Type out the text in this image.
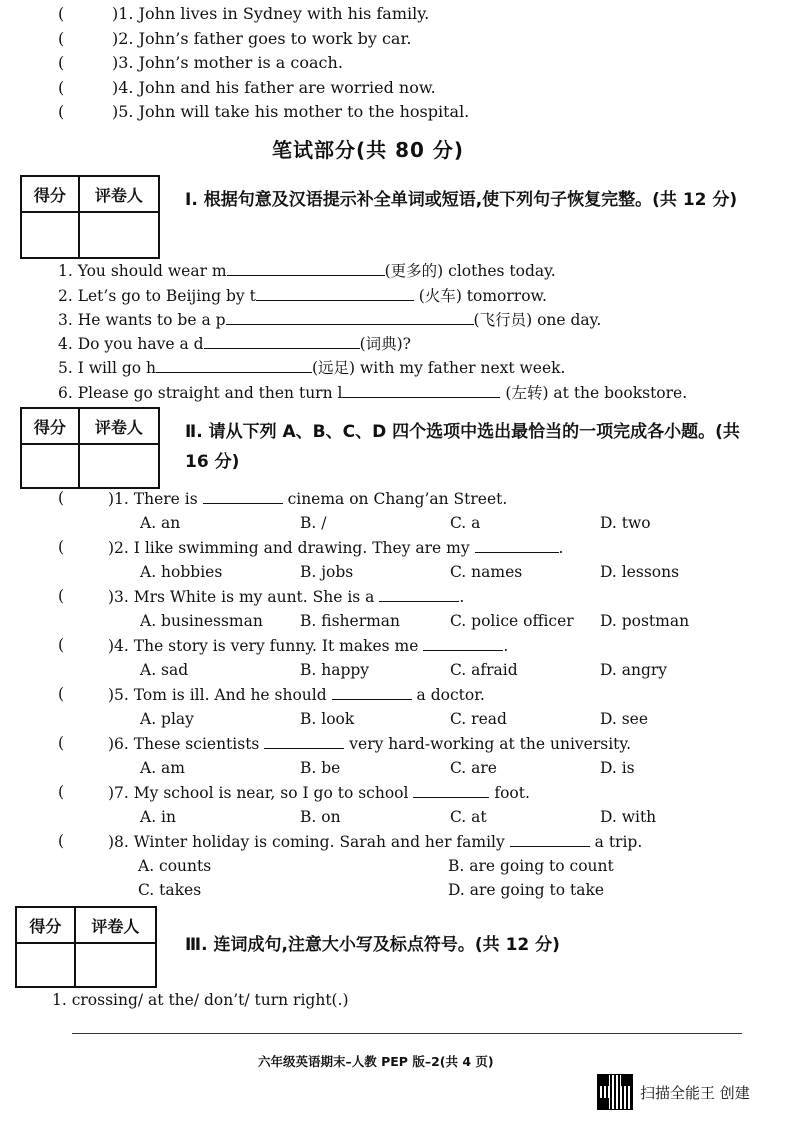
(	)1. John lives in Sydney with his family.
(	)2. John’s father goes to work by car.
(	)3. John’s mother is a coach.
(	)4. John and his father are worried now.
(	)5. John will take his mother to the hospital.
笔试部分(共 80 分)
得分	评卷人	Ⅰ. 根据句意及汉语提示补全单词或短语,使下列句子恢复完整。(共 12 分)
1. You should wear m	(更多的) clothes today.
2. Let’s go to Beijing by t	(火车) tomorrow.
3. He wants to be a p	(飞行员) one day.
4. Do you have a d	(词典)?
5. I will go h	(远足) with my father next week.
6. Please go straight and then turn l	(左转) at the bookstore.
得分	评卷人	Ⅱ. 请从下列 A、B、C、D 四个选项中选出最恰当的一项完成各小题。(共 16 分)
(	)1. There is	cinema on Chang’an Street.
A. an	B. /	C. a	D. two
(	)2. I like swimming and drawing. They are my	.
A. hobbies	B. jobs	C. names	D. lessons
(	)3. Mrs White is my aunt. She is a	.
A. businessman B. fisherman	C. police officer D. postman
(	)4. The story is very funny. It makes me	.
A. sad	B. happy	C. afraid	D. angry
(	)5. Tom is ill. And he should	a doctor.
A. play	B. look	C. read	D. see
(	)6. These scientists	very hard-working at the university.
A. am	B. be	C. are	D. is
(	)7. My school is near, so I go to school	foot.
A. in	B. on	C. at	D. with
(	)8. Winter holiday is coming. Sarah and her family	a trip.
A. counts	B. are going to count
C. takes	D. are going to take
得分	评卷人
Ⅲ. 连词成句,注意大小写及标点符号。(共 12 分)
1. crossing/ at the/ don’t/ turn right(.)
六年级英语期末–人教 PEP 版–2(共 4 页)
扫描全能王 创建
